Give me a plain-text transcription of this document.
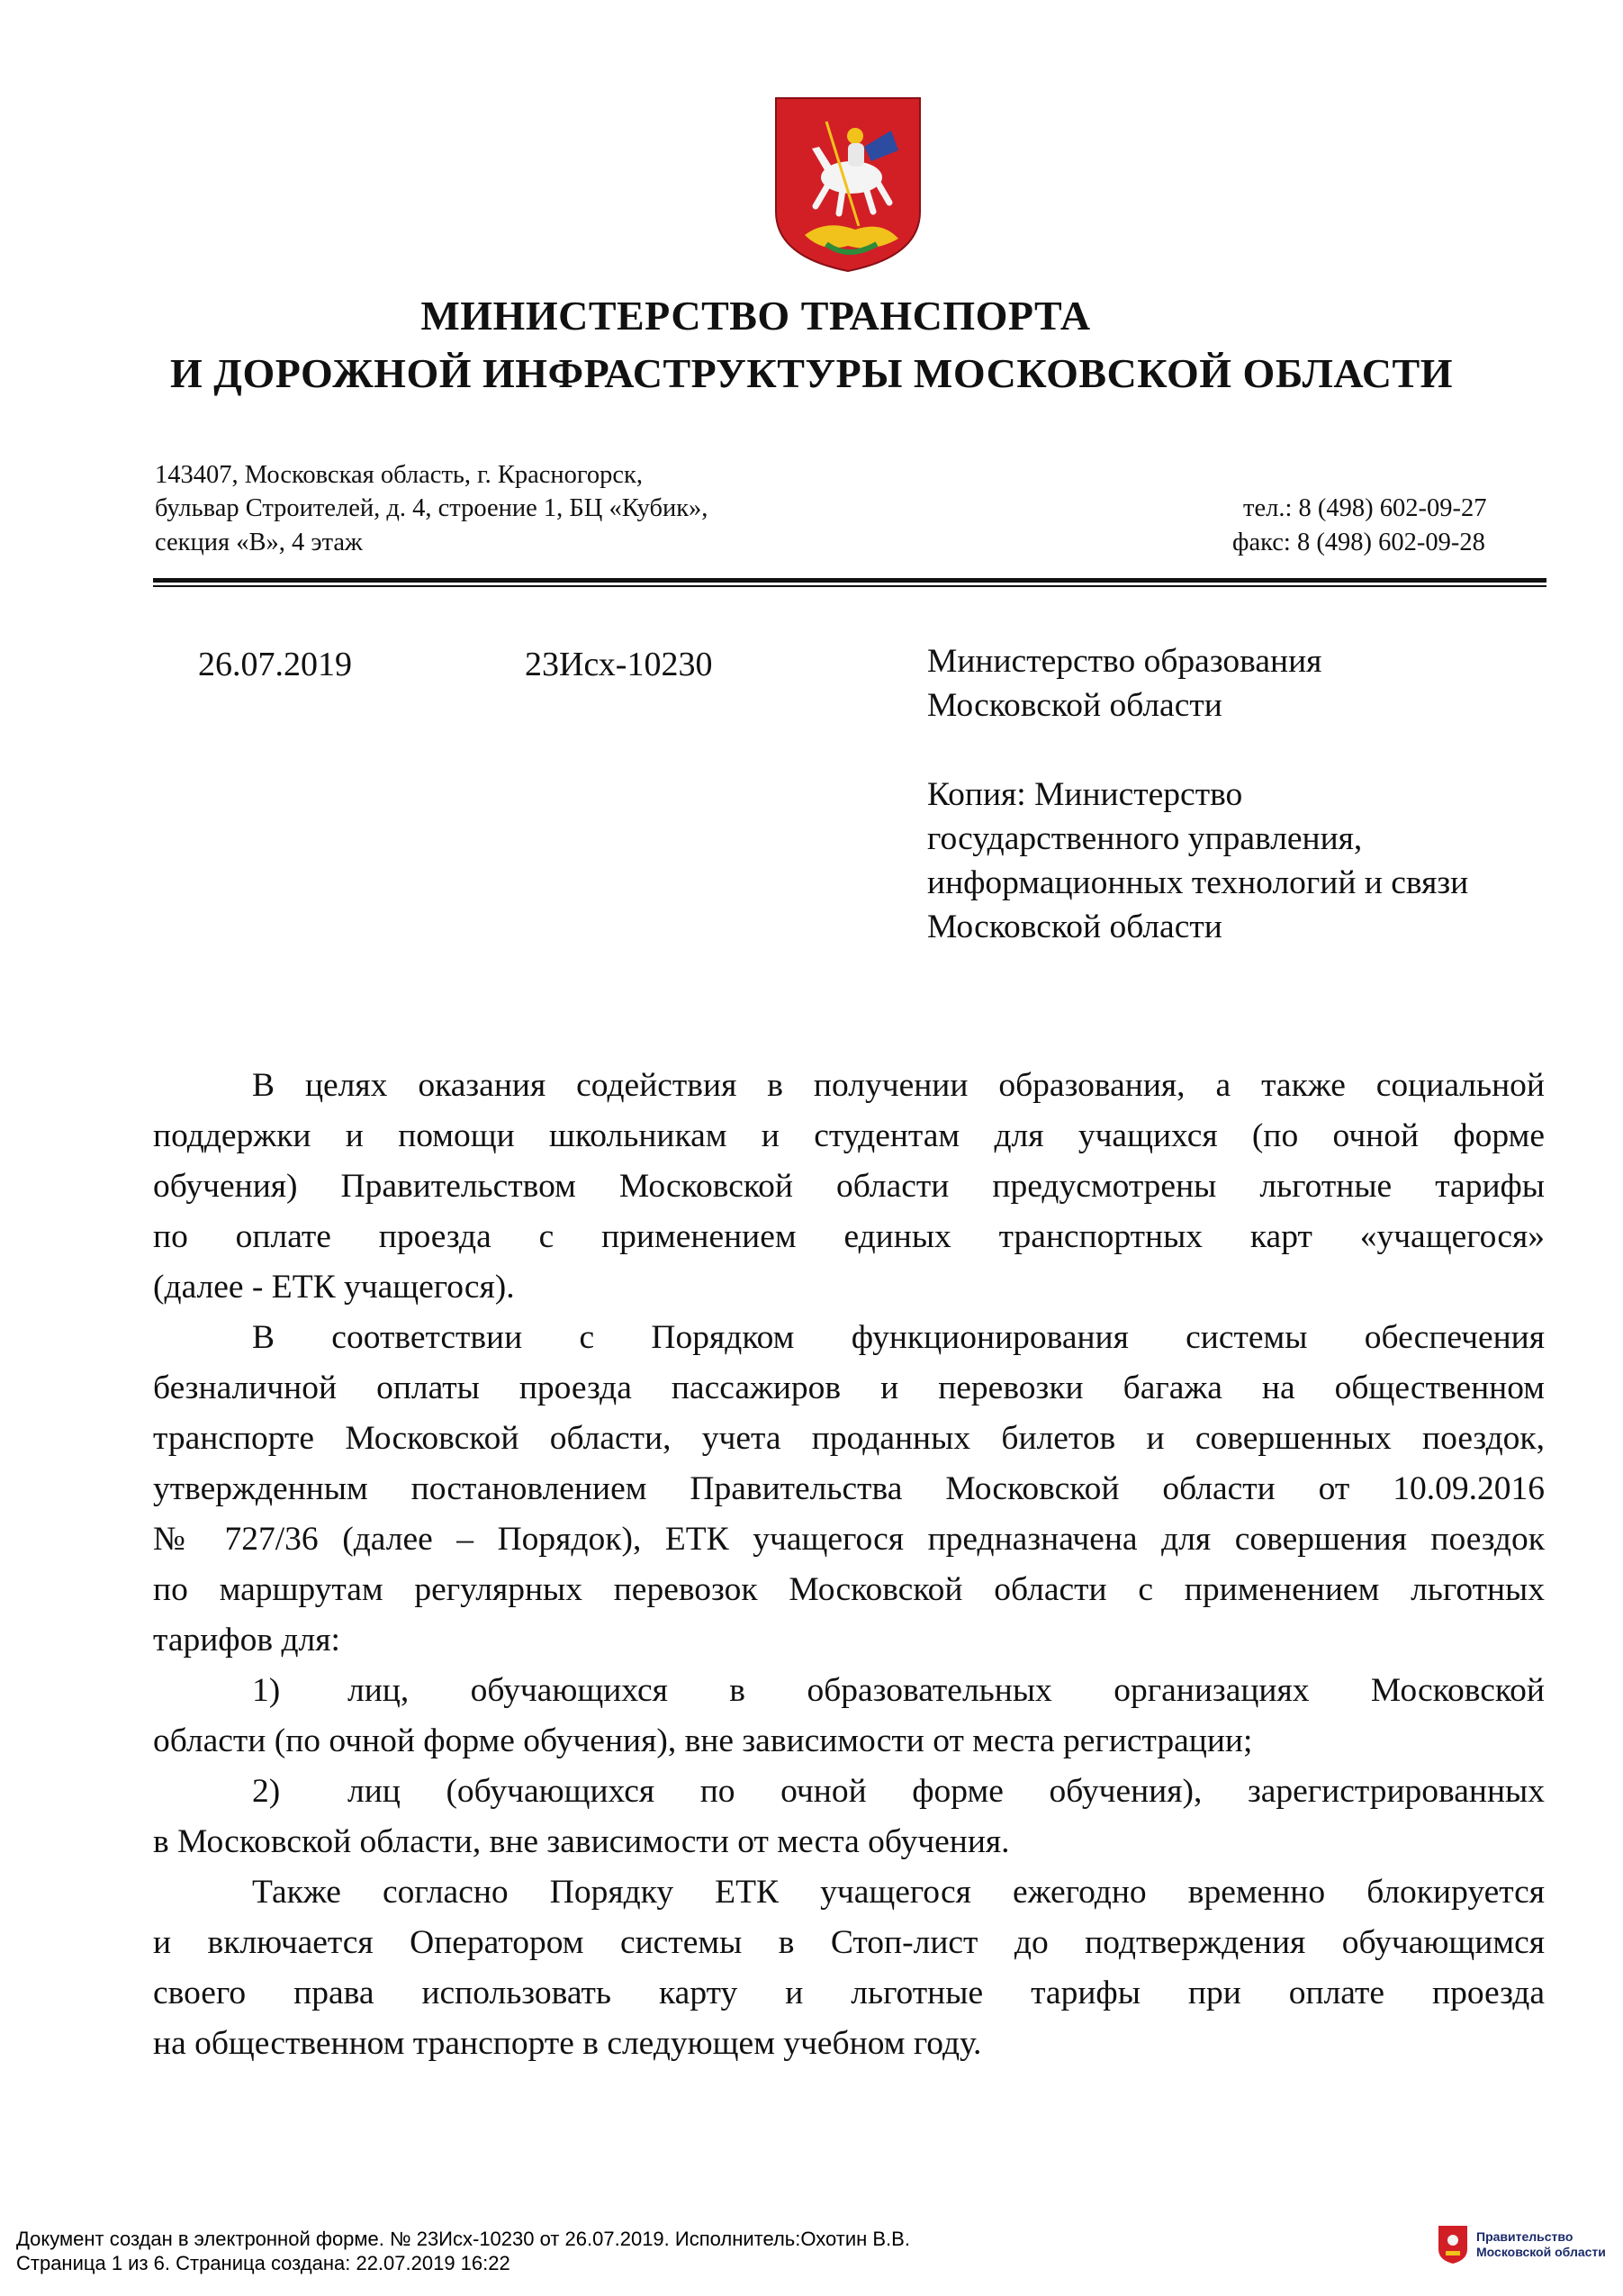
МИНИСТЕРСТВО ТРАНСПОРТА
И ДОРОЖНОЙ ИНФРАСТРУКТУРЫ МОСКОВСКОЙ ОБЛАСТИ
143407, Московская область, г. Красногорск,
бульвар Строителей, д. 4, строение 1, БЦ «Кубик»,
секция «В», 4 этаж
тел.: 8 (498) 602-09-27
факс: 8 (498) 602-09-28
26.07.2019	23Исх-10230	Министерство образования
Московской области
Копия: Министерство
государственного управления,
информационных технологий и связи
Московской области
В целях оказания содействия в получении образования, а также социальной
поддержки и помощи школьникам и студентам для учащихся (по очной форме
обучения) Правительством Московской области предусмотрены льготные тарифы
по оплате проезда с применением единых транспортных карт «учащегося»
(далее - ЕТК учащегося).
В соответствии с Порядком функционирования системы обеспечения
безналичной оплаты проезда пассажиров и перевозки багажа на общественном
транспорте Московской области, учета проданных билетов и совершенных поездок,
утвержденным постановлением Правительства Московской области от 10.09.2016
№ 727/36 (далее – Порядок), ЕТК учащегося предназначена для совершения поездок
по маршрутам регулярных перевозок Московской области с применением льготных
тарифов для:
1) лиц, обучающихся в образовательных организациях Московской
области (по очной форме обучения), вне зависимости от места регистрации;
2) лиц (обучающихся по очной форме обучения), зарегистрированных
в Московской области, вне зависимости от места обучения.
Также согласно Порядку ЕТК учащегося ежегодно временно блокируется
и включается Оператором системы в Стоп-лист до подтверждения обучающимся
своего права использовать карту и льготные тарифы при оплате проезда
на общественном транспорте в следующем учебном году.
Документ создан в электронной форме. № 23Исх-10230 от 26.07.2019. Исполнитель:Охотин В.В.
Страница 1 из 6. Страница создана: 22.07.2019 16:22
Правительство
Московской области
